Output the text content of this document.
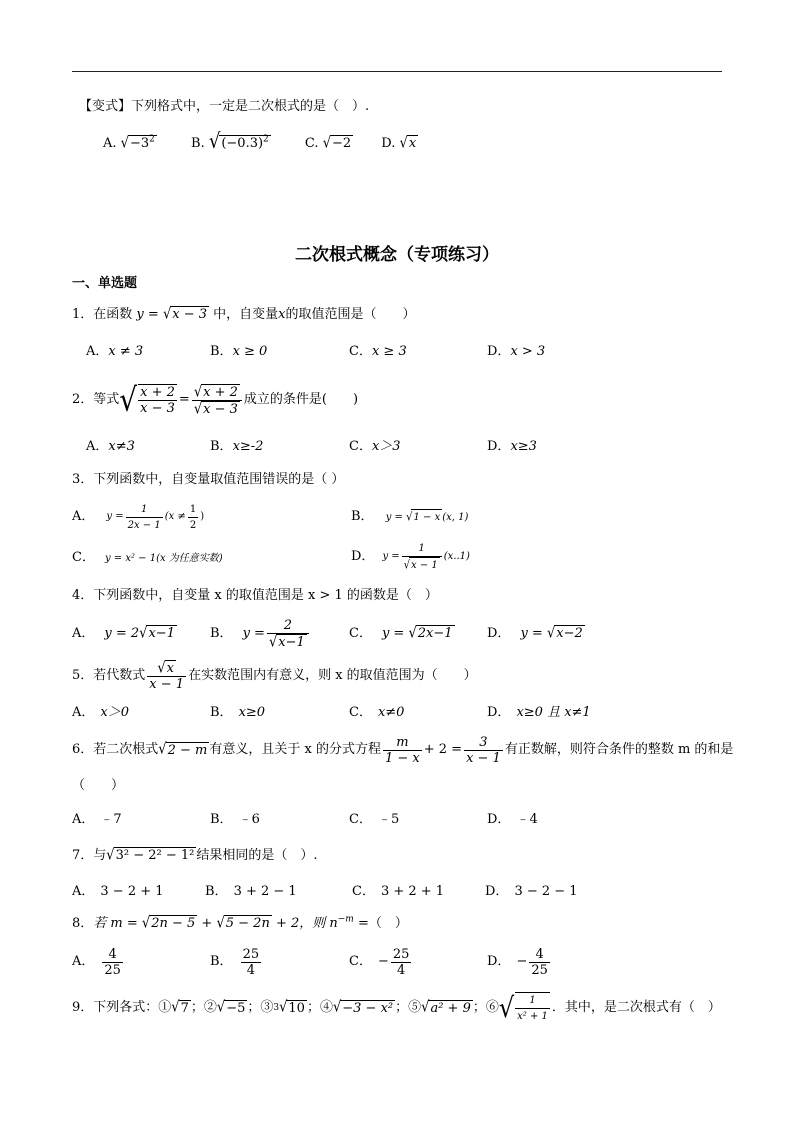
【变式】下列格式中，一定是二次根式的是（　）.
A. $√-3^2$	B. $√(-0.3)^2$	C. √−2 D. √x
二次根式概念（专项练习）
一、单选题
1．在函数 y = √x − 3 中，自变量x的取值范围是（　　）
A．x ≠ 3	B．x ≥ 0	C．x ≥ 3	D．x > 3
2． 等式 √ $\frac{x + 2}{x - 3} = \frac{√x + 2}{√x - 3}$ 成立的条件是(　　)
A．x≠3	B．x≥-2	C．x＞3	D．x≥3
3．下列函数中，自变量取值范围错误的是（ ）
A． $y = \frac{1}{2x - 1} (x \ne \frac{1}{2}$ )	B． y = √1 − x (x, 1)
C． y = x² − 1(x 为任意实数)	D． $y = \frac{1}{√x - 1} (x..1)$
4．下列函数中，自变量 x 的取值范围是 x > 1 的函数是（　）
A． y = 2√x−1	B． $y = \frac{2}{√x-1}$	C． y = √2x−1	D． y = √x−2
5． 若代数式 $\frac{√x}{x - 1}$ 在实数范围内有意义，则 x 的取值范围为（　　）
A． x＞0	B． x≥0	C． x≠0	D． x≥0 且 x≠1
6． 若二次根式 √ 2 − m 有意义，且关于 x 的分式方程 $\frac{m}{1 - x} + 2 = \frac{3}{x - 1}$ 有正数解，则符合条件的整数 m 的和是
（　　）
A． ﹣7	B． ﹣6	C． ﹣5	D． ﹣4
7．与√3² − 2² − 1² 结果相同的是（　）.
A． 3 − 2 + 1	B． 3 + 2 − 1	C． 3 + 2 + 1	D． 3 − 2 − 1
8．若 m = √2n − 5 + √5 − 2n + 2，则 $n^{-m}$ =（　）
A． $\frac{4}{25}$	B． $\frac{25}{4}$	C． − $\frac{25}{4}$	D． − $\frac{4}{25}$
9． 下列各式：① √ 7 ；② √ −5 ；③ 3 √ 10 ；④ √ −3 − x² ；⑤ √ a² + 9 ；⑥ √ $\frac{1}{\text{x² + 1}}$ ．其中，是二次根式有（　）
